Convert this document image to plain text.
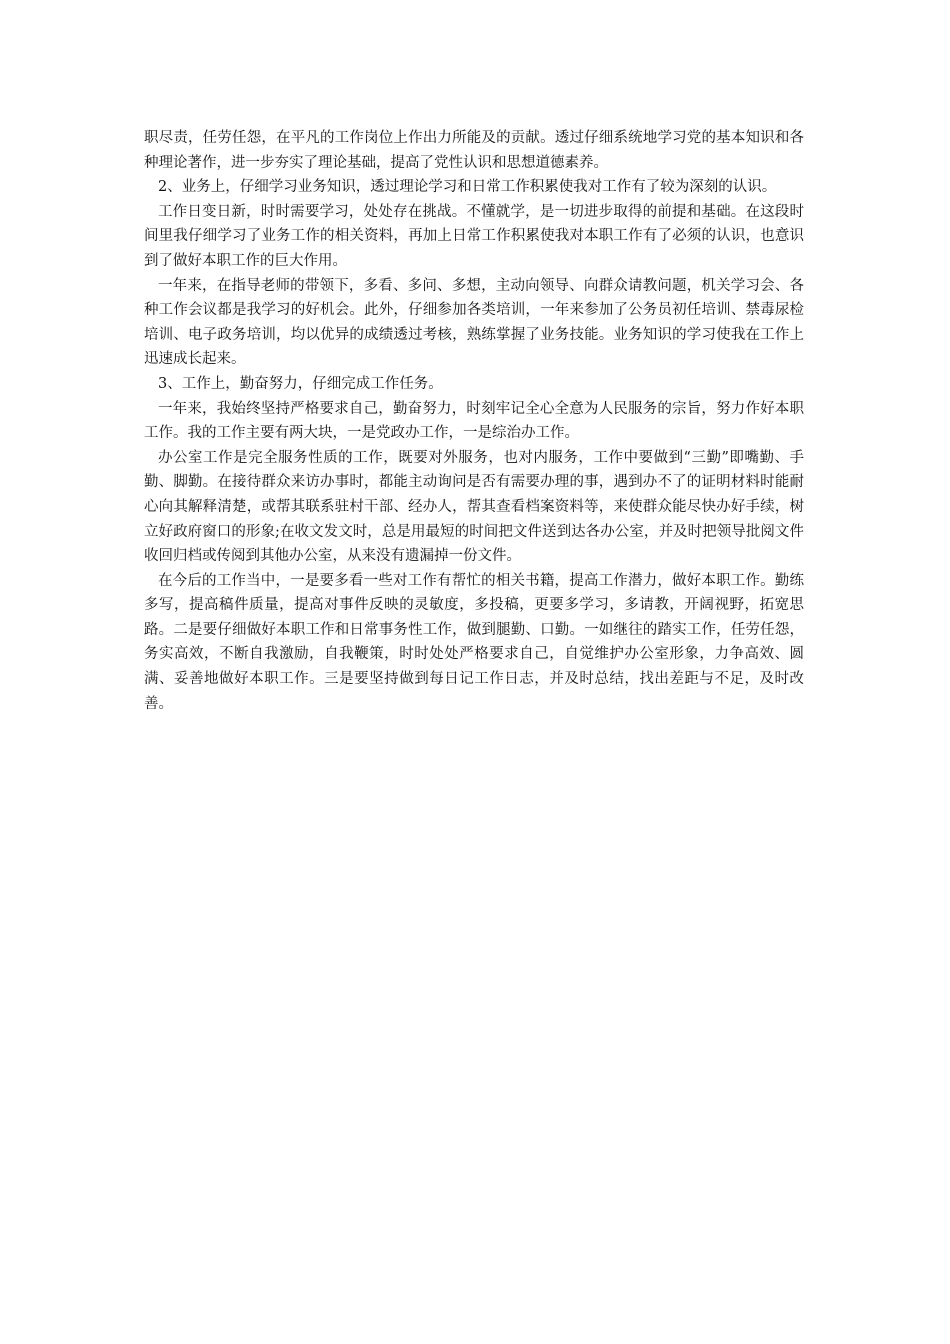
职尽责，任劳任怨，在平凡的工作岗位上作出力所能及的贡献。透过仔细系统地学习党的基本知识和各种理论著作，进一步夯实了理论基础，提高了党性认识和思想道德素养。

2、业务上，仔细学习业务知识，透过理论学习和日常工作积累使我对工作有了较为深刻的认识。

工作日变日新，时时需要学习，处处存在挑战。不懂就学，是一切进步取得的前提和基础。在这段时间里我仔细学习了业务工作的相关资料，再加上日常工作积累使我对本职工作有了必须的认识，也意识到了做好本职工作的巨大作用。

一年来，在指导老师的带领下，多看、多问、多想，主动向领导、向群众请教问题，机关学习会、各种工作会议都是我学习的好机会。此外，仔细参加各类培训，一年来参加了公务员初任培训、禁毒尿检培训、电子政务培训，均以优异的成绩透过考核，熟练掌握了业务技能。业务知识的学习使我在工作上迅速成长起来。

3、工作上，勤奋努力，仔细完成工作任务。

一年来，我始终坚持严格要求自己，勤奋努力，时刻牢记全心全意为人民服务的宗旨，努力作好本职工作。我的工作主要有两大块，一是党政办工作，一是综治办工作。

办公室工作是完全服务性质的工作，既要对外服务，也对内服务，工作中要做到“三勤”即嘴勤、手勤、脚勤。在接待群众来访办事时，都能主动询问是否有需要办理的事，遇到办不了的证明材料时能耐心向其解释清楚，或帮其联系驻村干部、经办人，帮其查看档案资料等，来使群众能尽快办好手续，树立好政府窗口的形象;在收文发文时，总是用最短的时间把文件送到达各办公室，并及时把领导批阅文件收回归档或传阅到其他办公室，从来没有遗漏掉一份文件。

在今后的工作当中，一是要多看一些对工作有帮忙的相关书籍，提高工作潜力，做好本职工作。勤练多写，提高稿件质量，提高对事件反映的灵敏度，多投稿，更要多学习，多请教，开阔视野，拓宽思路。二是要仔细做好本职工作和日常事务性工作，做到腿勤、口勤。一如继往的踏实工作，任劳任怨，务实高效，不断自我激励，自我鞭策，时时处处严格要求自己，自觉维护办公室形象，力争高效、圆满、妥善地做好本职工作。三是要坚持做到每日记工作日志，并及时总结，找出差距与不足，及时改善。
